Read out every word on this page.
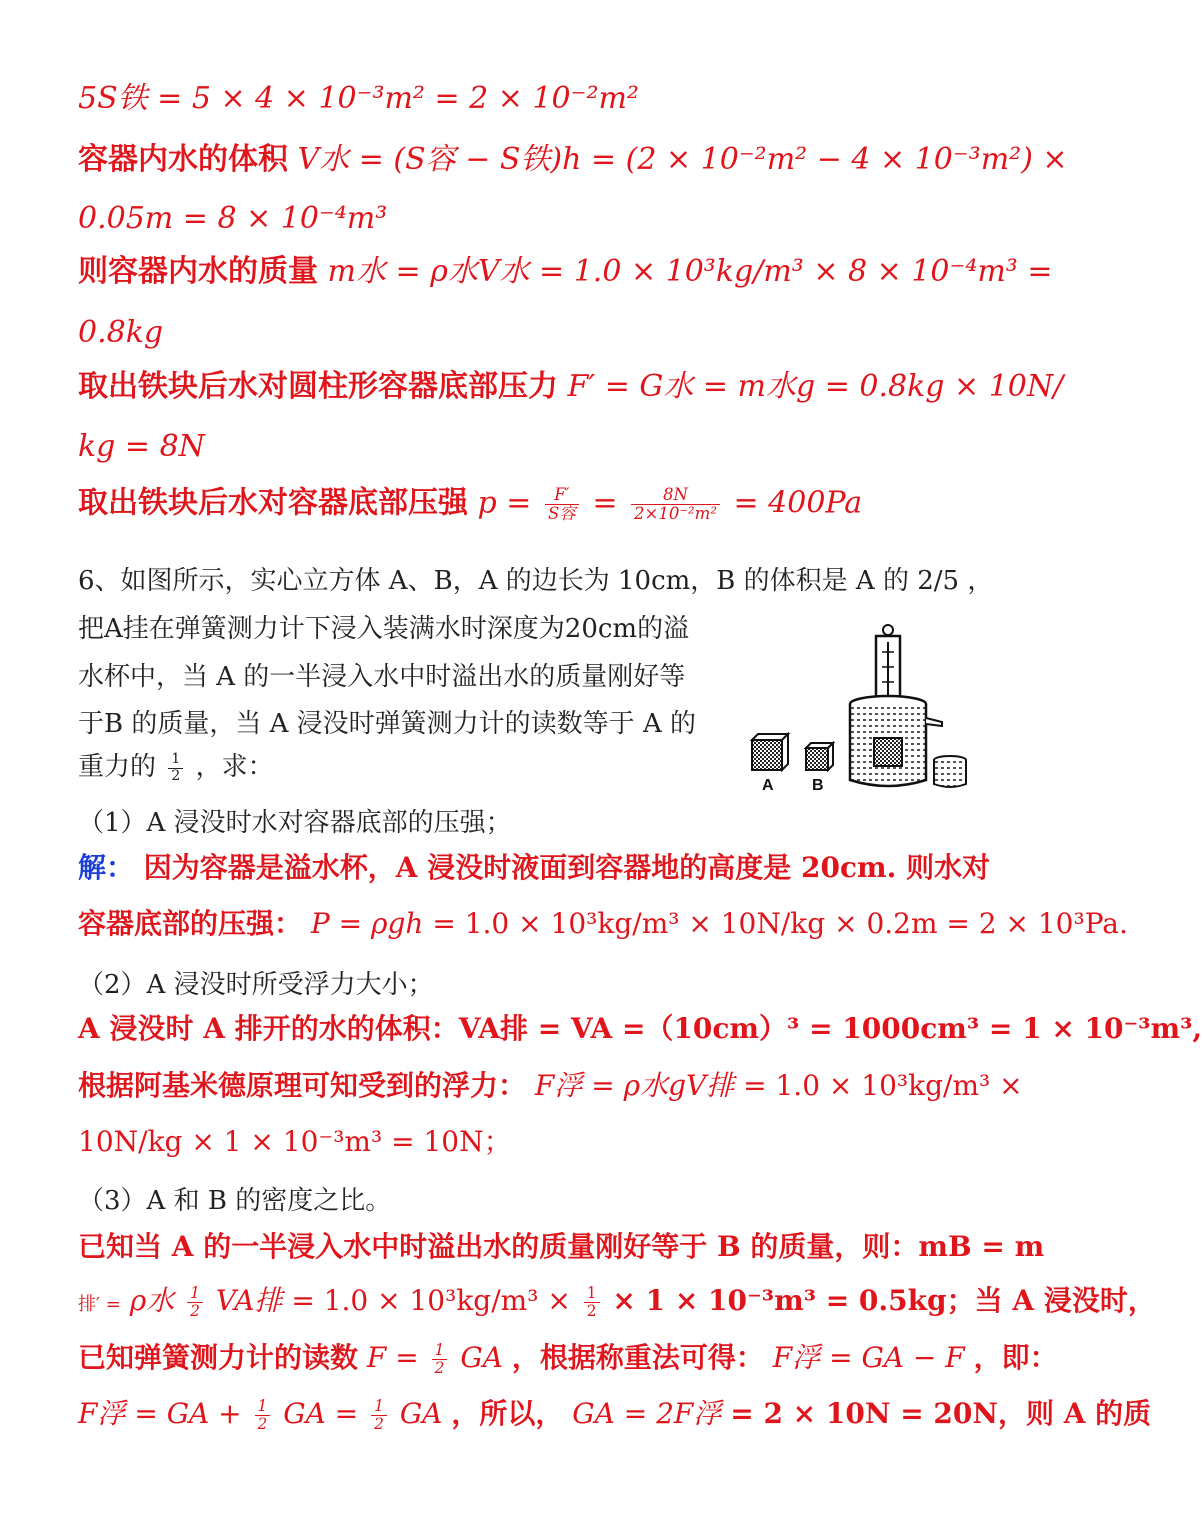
5S铁 = 5 × 4 × 10⁻³m² = 2 × 10⁻²m²
容器内水的体积 V水 = (S容 − S铁)h = (2 × 10⁻²m² − 4 × 10⁻³m²) ×
0.05m = 8 × 10⁻⁴m³
则容器内水的质量 m水 = ρ水V水 = 1.0 × 10³kg/m³ × 8 × 10⁻⁴m³ =
0.8kg
取出铁块后水对圆柱形容器底部压力 F′ = G水 = m水g = 0.8kg × 10N/
kg = 8N
取出铁块后水对容器底部压强 $p = \frac{F'}{\text{S容}} = \frac{8N}{\text{2×10⁻²m²}} = 400Pa$
6、如图所示，实心立方体 A、B，A 的边长为 10cm，B 的体积是 A 的 2/5 ，
把A挂在弹簧测力计下浸入装满水时深度为20cm的溢
水杯中，当 A 的一半浸入水中时溢出水的质量刚好等
于B 的质量，当 A 浸没时弹簧测力计的读数等于 A 的
重力的 $\frac{1}{2}$ ，求：
A B
（1）A 浸没时水对容器底部的压强；
解： 因为容器是溢水杯，A 浸没时液面到容器地的高度是 20cm. 则水对
容器底部的压强： P = ρgh = 1.0 × 10³kg/m³ × 10N/kg × 0.2m = 2 × 10³Pa.
（2）A 浸没时所受浮力大小；
A 浸没时 A 排开的水的体积：VA排 = VA =（10cm）³ = 1000cm³ = 1 × 10⁻³m³,
根据阿基米德原理可知受到的浮力： F浮 = ρ水gV排 = 1.0 × 10³kg/m³ ×
10N/kg × 1 × 10⁻³m³ = 10N；
（3）A 和 B 的密度之比。
已知当 A 的一半浸入水中时溢出水的质量刚好等于 B 的质量，则：mB = m
排′ = ρ水 $\frac{1}{2}$ VA排 = $1.0 \times 10^3kg/m^3 \times \frac{1}{2} \times 1 \times 10^{-3}m^3 = 0.5kg$；当 A 浸没时，
已知弹簧测力计的读数 $F = \frac{1}{2}$ GA ，根据称重法可得： F浮 = GA − F ，即：
F浮 = GA + $\frac{1}{2}$ GA = $\frac{1}{2}$ GA ，所以， GA = 2F浮 = 2 × 10N = 20N，则 A 的质
